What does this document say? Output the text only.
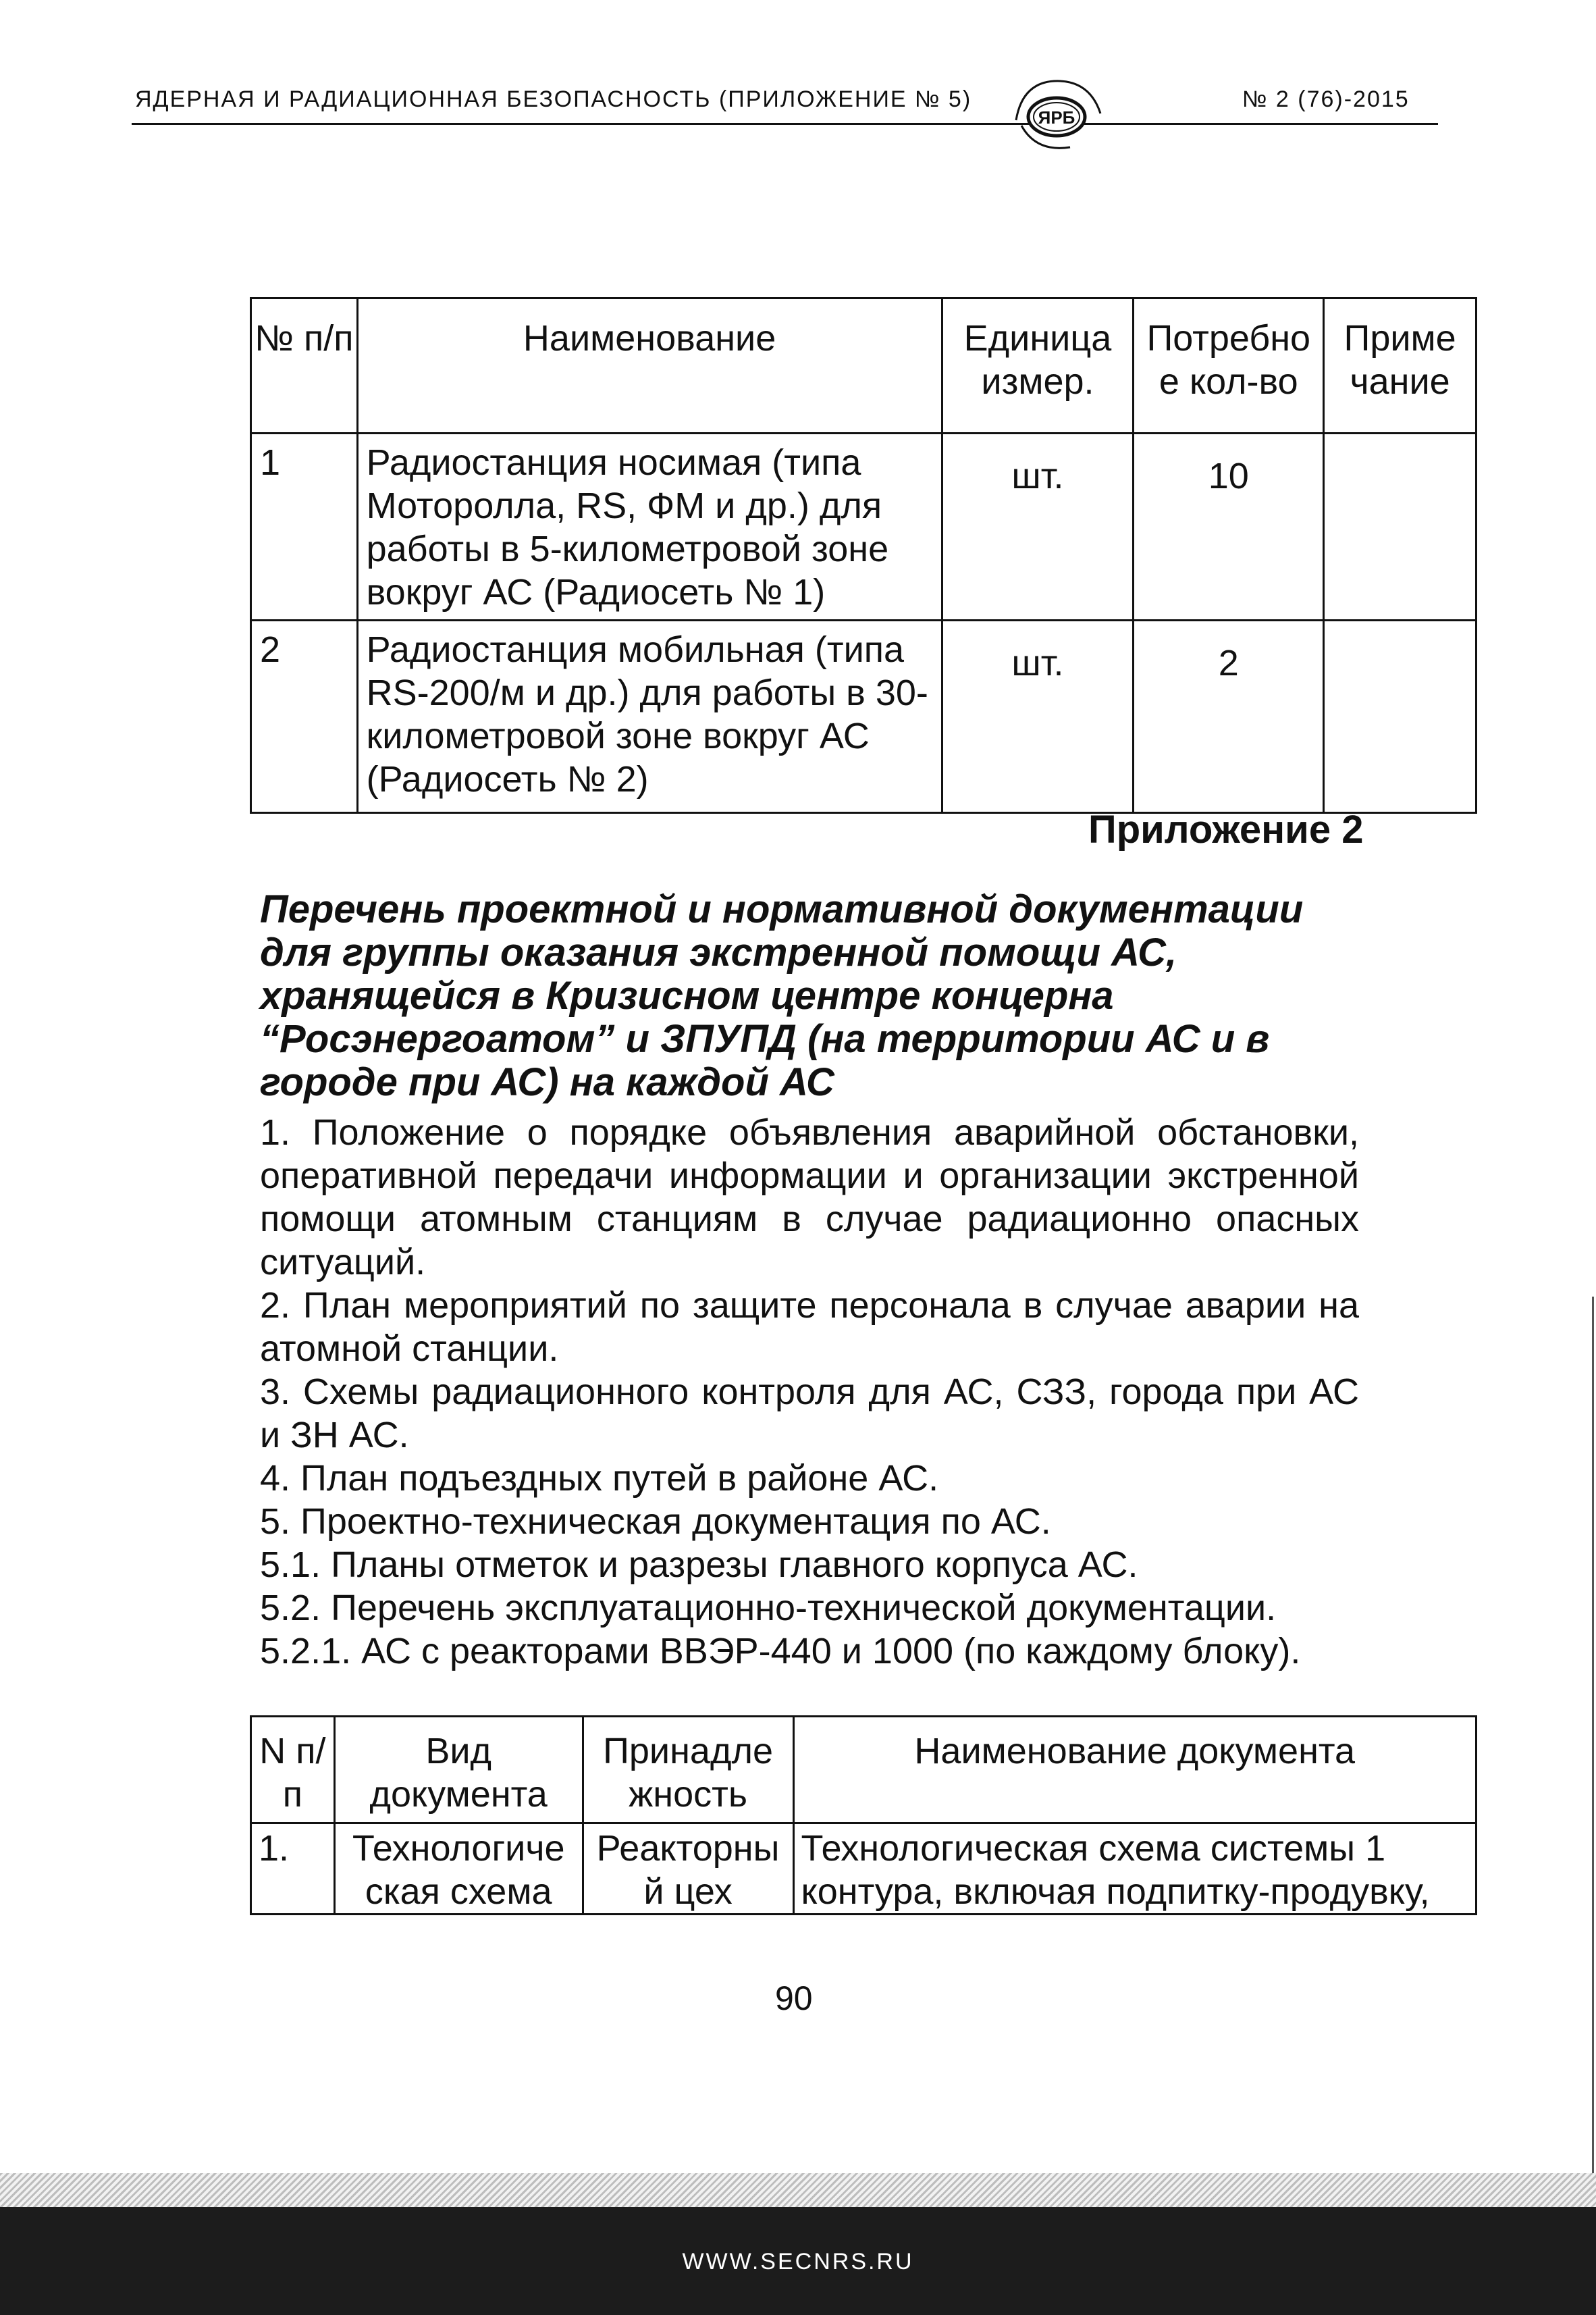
ЯДЕРНАЯ И РАДИАЦИОННАЯ БЕЗОПАСНОСТЬ (ПРИЛОЖЕНИЕ № 5)	№ 2 (76)-2015
ЯРБ
№ п/п	Наименование	Единица измер.	Потребно е кол-во	Приме чание
1	Радиостанция носимая (типа Моторолла, RS, ФМ и др.) для работы в 5-километровой зоне вокруг АС (Радиосеть № 1)	шт.	10	
2	Радиостанция мобильная (типа RS-200/м и др.) для работы в 30-километровой зоне вокруг АС (Радиосеть № 2)	шт.	2	
Приложение 2
Перечень проектной и нормативной документации для группы оказания экстренной помощи АС, хранящейся в Кризисном центре концерна “Росэнергоатом” и ЗПУПД (на территории АС и в городе при АС) на каждой АС

1. Положение о порядке объявления аварийной обстановки, оперативной передачи информации и организации экстренной помощи атомным станциям в случае радиационно опасных ситуаций.

2. План мероприятий по защите персонала в случае аварии на атомной станции.

3. Схемы радиационного контроля для АС, СЗЗ, города при АС и ЗН АС.

4. План подъездных путей в районе АС.

5. Проектно-техническая документация по АС.

5.1. Планы отметок и разрезы главного корпуса АС.

5.2. Перечень эксплуатационно-технической документации.

5.2.1. АС с реакторами ВВЭР-440 и 1000 (по каждому блоку).

N п/п	Вид документа	Принадле жность	Наименование документа
1.	Технологиче ская схема	Реакторны й цех	Технологическая схема системы 1 контура, включая подпитку-продувку,
90
WWW.SECNRS.RU
